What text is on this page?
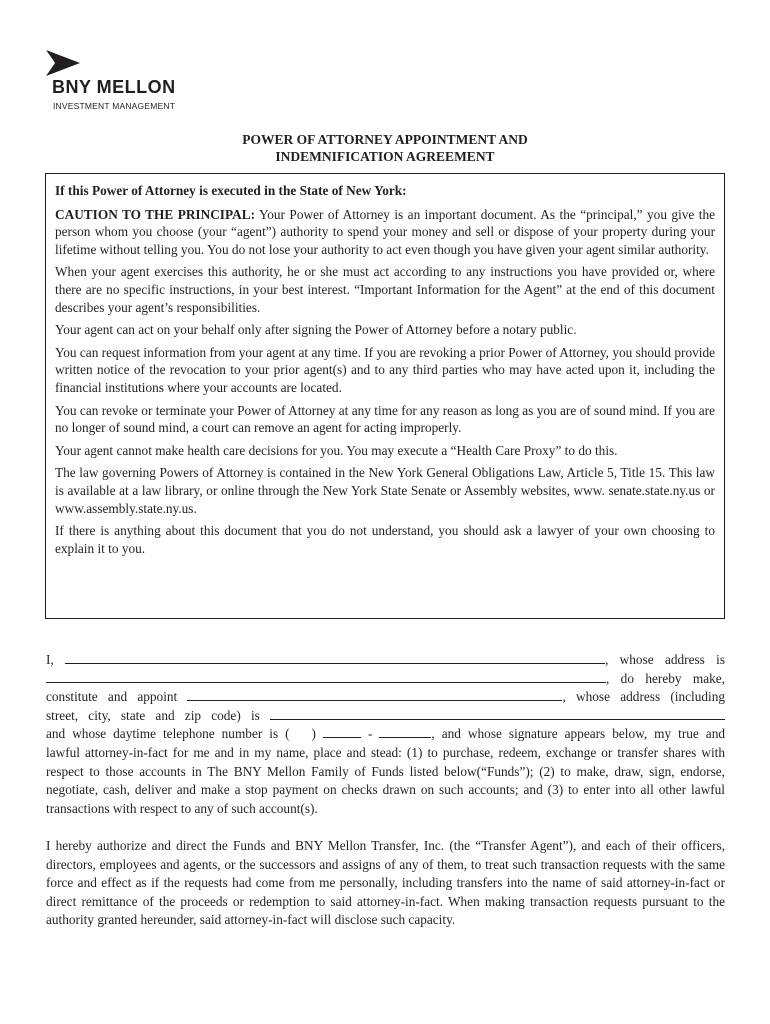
BNY MELLON
INVESTMENT MANAGEMENT
POWER OF ATTORNEY APPOINTMENT AND
INDEMNIFICATION AGREEMENT

If this Power of Attorney is executed in the State of New York:

CAUTION TO THE PRINCIPAL: Your Power of Attorney is an important document. As the “principal,” you give the person whom you choose (your “agent”) authority to spend your money and sell or dispose of your property during your lifetime without telling you. You do not lose your authority to act even though you have given your agent similar authority.

When your agent exercises this authority, he or she must act according to any instructions you have provided or, where there are no specific instructions, in your best interest. “Important Information for the Agent” at the end of this document describes your agent’s responsibilities.

Your agent can act on your behalf only after signing the Power of Attorney before a notary public.

You can request information from your agent at any time. If you are revoking a prior Power of Attorney, you should provide written notice of the revocation to your prior agent(s) and to any third parties who may have acted upon it, including the financial institutions where your accounts are located.

You can revoke or terminate your Power of Attorney at any time for any reason as long as you are of sound mind. If you are no longer of sound mind, a court can remove an agent for acting improperly.

Your agent cannot make health care decisions for you. You may execute a “Health Care Proxy” to do this.

The law governing Powers of Attorney is contained in the New York General Obligations Law, Article 5, Title 15. This law is available at a law library, or online through the New York State Senate or Assembly websites, www. senate.state.ny.us or www.assembly.state.ny.us.

If there is anything about this document that you do not understand, you should ask a lawyer of your own choosing to explain it to you.

I,	, whose address is
, do hereby make,
constitute and appoint	, whose address (including
street, city, state and zip code) is
and whose daytime telephone number is ( )	-	, and whose signature appears below, my true and
lawful attorney-in-fact for me and in my name, place and stead: (1) to purchase, redeem, exchange or transfer shares with respect to those accounts in The BNY Mellon Family of Funds listed below(“Funds”); (2) to make, draw, sign, endorse, negotiate, cash, deliver and make a stop payment on checks drawn on such accounts; and (3) to enter into all other lawful transactions with respect to any of such account(s).

I hereby authorize and direct the Funds and BNY Mellon Transfer, Inc. (the “Transfer Agent”), and each of their officers, directors, employees and agents, or the successors and assigns of any of them, to treat such transaction requests with the same force and effect as if the requests had come from me personally, including transfers into the name of said attorney-in-fact or direct remittance of the proceeds or redemption to said attorney-in-fact. When making transaction requests pursuant to the authority granted hereunder, said attorney-in-fact will disclose such capacity.
